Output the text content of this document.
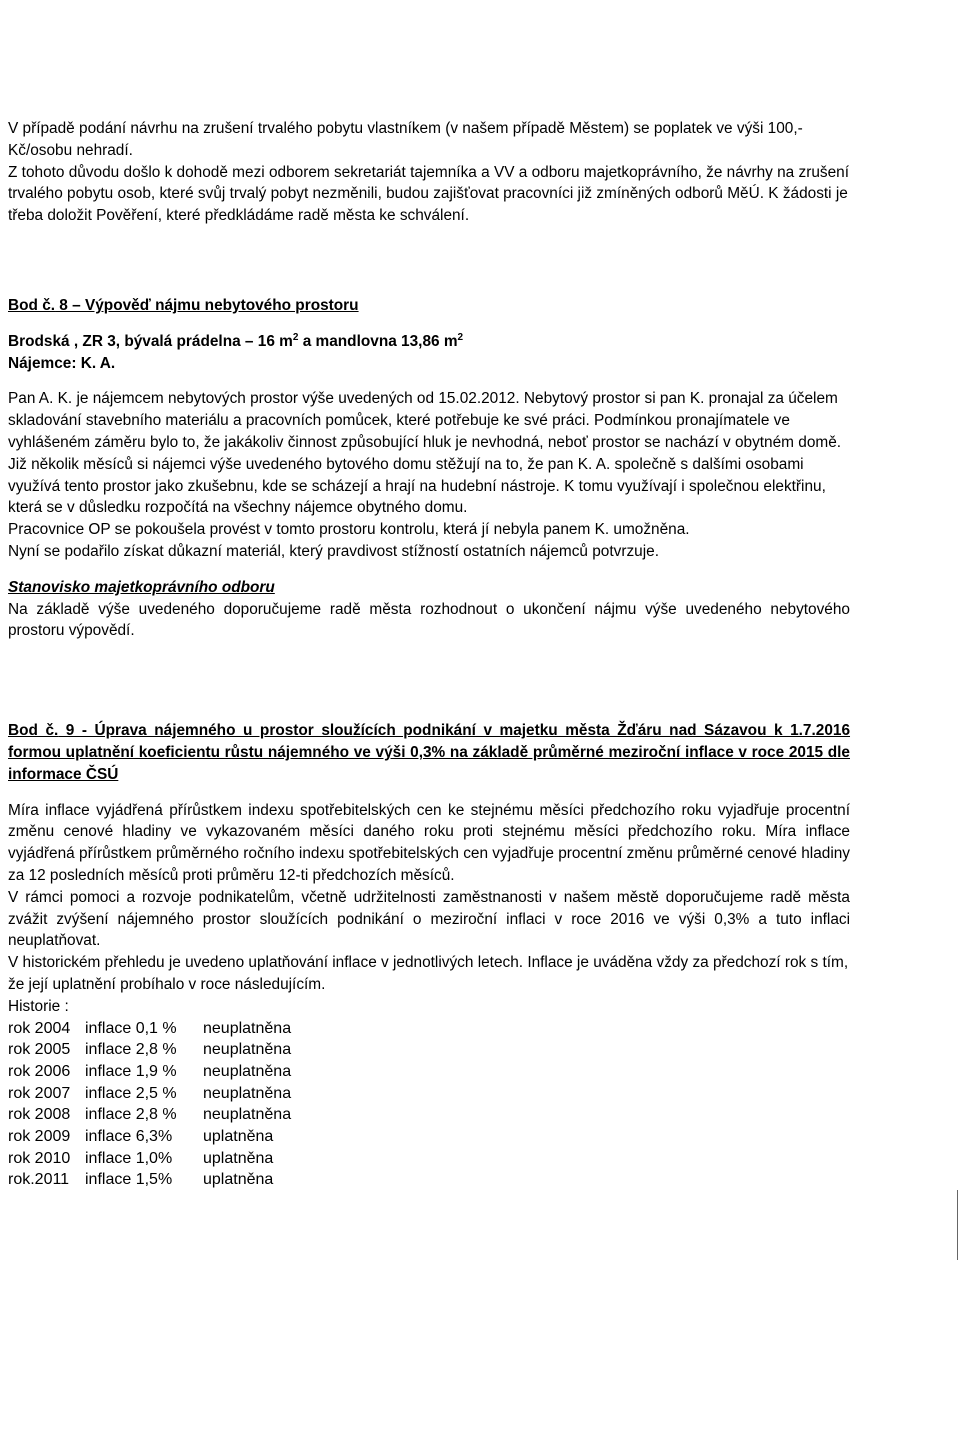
V případě podání návrhu na zrušení trvalého pobytu vlastníkem (v našem případě Městem) se poplatek ve výši 100,- Kč/osobu nehradí.

Z tohoto důvodu došlo k dohodě mezi odborem sekretariát tajemníka a VV a odboru majetkoprávního, že návrhy na zrušení trvalého pobytu osob, které svůj trvalý pobyt nezměnili, budou zajišťovat pracovníci již zmíněných odborů MěÚ. K žádosti je třeba doložit Pověření, které předkládáme radě města ke schválení.

Bod č. 8 – Výpověď nájmu nebytového prostoru

Brodská , ZR 3, bývalá prádelna – 16 $m^2$ a mandlovna 13,86 $m^2$

Nájemce: K. A.

Pan A. K. je nájemcem nebytových prostor výše uvedených od 15.02.2012. Nebytový prostor si pan K. pronajal za účelem skladování stavebního materiálu a pracovních pomůcek, které potřebuje ke své práci. Podmínkou pronajímatele ve vyhlášeném záměru bylo to, že jakákoliv činnost způsobující hluk je nevhodná, neboť prostor se nachází v obytném domě.

Již několik měsíců si nájemci výše uvedeného bytového domu stěžují na to, že pan K. A. společně s dalšími osobami využívá tento prostor jako zkušebnu, kde se scházejí a hrají na hudební nástroje. K tomu využívají i společnou elektřinu, která se v důsledku rozpočítá na všechny nájemce obytného domu.

Pracovnice OP se pokoušela provést v tomto prostoru kontrolu, která jí nebyla panem K. umožněna.

Nyní se podařilo získat důkazní materiál, který pravdivost stížností ostatních nájemců potvrzuje.

Stanovisko majetkoprávního odboru

Na základě výše uvedeného doporučujeme radě města rozhodnout o ukončení nájmu výše uvedeného nebytového prostoru výpovědí.

Bod č. 9 - Úprava nájemného u prostor sloužících podnikání v majetku města Žďáru nad Sázavou k 1.7.2016 formou uplatnění koeficientu růstu nájemného ve výši 0,3% na základě průměrné meziroční inflace v roce 2015 dle informace ČSÚ

Míra inflace vyjádřená přírůstkem indexu spotřebitelských cen ke stejnému měsíci předchozího roku vyjadřuje procentní změnu cenové hladiny ve vykazovaném měsíci daného roku proti stejnému měsíci předchozího roku. Míra inflace vyjádřená přírůstkem průměrného ročního indexu spotřebitelských cen vyjadřuje procentní změnu průměrné cenové hladiny za 12 posledních měsíců proti průměru 12-ti předchozích měsíců.

V rámci pomoci a rozvoje podnikatelům, včetně udržitelnosti zaměstnanosti v našem městě doporučujeme radě města zvážit zvýšení nájemného prostor sloužících podnikání o meziroční inflaci v roce 2016 ve výši 0,3% a tuto inflaci neuplatňovat.

V historickém přehledu je uvedeno uplatňování inflace v jednotlivých letech. Inflace je uváděna vždy za předchozí rok s tím, že její uplatnění probíhalo v roce následujícím.

Historie :

rok 2004 inflace 0,1 %	neuplatněna
rok 2005 inflace 2,8 %	neuplatněna
rok 2006 inflace 1,9 %	neuplatněna
rok 2007 inflace 2,5 %	neuplatněna
rok 2008 inflace 2,8 %	neuplatněna
rok 2009 inflace 6,3%	uplatněna
rok 2010 inflace 1,0%	uplatněna
rok.2011 inflace 1,5%	uplatněna
